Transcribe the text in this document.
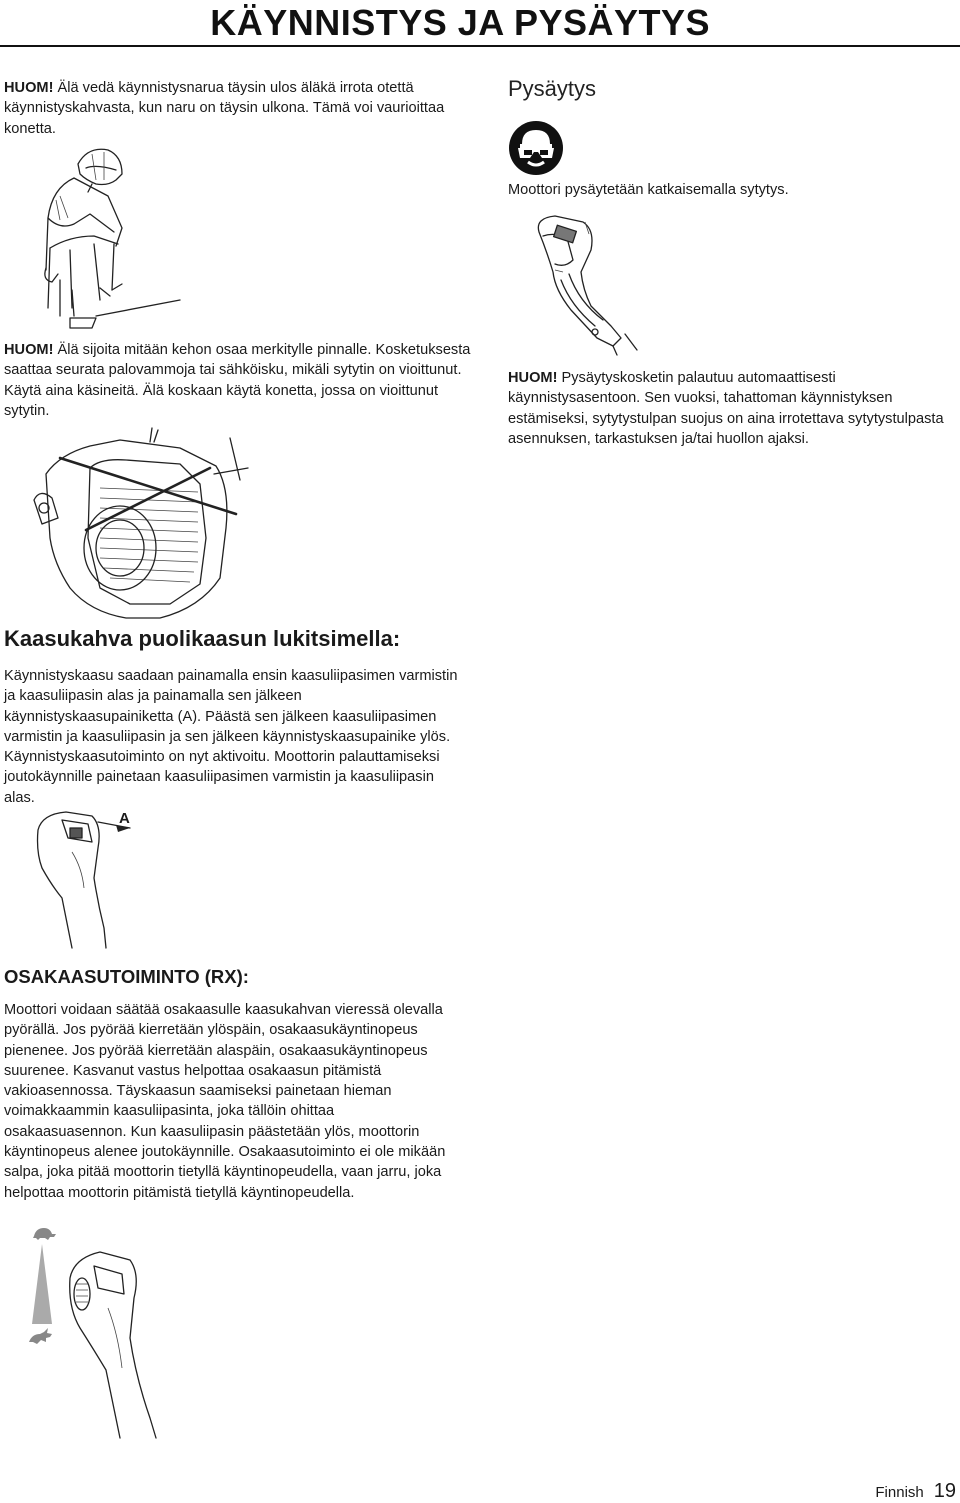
KÄYNNISTYS JA PYSÄYTYS

HUOM! Älä vedä käynnistysnarua täysin ulos äläkä irrota otettä käynnistyskahvasta, kun naru on täysin ulkona. Tämä voi vaurioittaa konetta.

HUOM! Älä sijoita mitään kehon osaa merkitylle pinnalle. Kosketuksesta saattaa seurata palovammoja tai sähköisku, mikäli sytytin on vioittunut. Käytä aina käsineitä. Älä koskaan käytä konetta, jossa on vioittunut sytytin.

Pysäytys

Moottori pysäytetään katkaisemalla sytytys.

HUOM! Pysäytyskosketin palautuu automaattisesti käynnistysasentoon. Sen vuoksi, tahattoman käynnistyksen estämiseksi, sytytystulpan suojus on aina irrotettava sytytystulpasta asennuksen, tarkastuksen ja/tai huollon ajaksi.

Kaasukahva puolikaasun lukitsimella:

Käynnistyskaasu saadaan painamalla ensin kaasuliipasimen varmistin ja kaasuliipasin alas ja painamalla sen jälkeen käynnistyskaasupainiketta (A). Päästä sen jälkeen kaasuliipasimen varmistin ja kaasuliipasin ja sen jälkeen käynnistyskaasupainike ylös. Käynnistyskaasutoiminto on nyt aktivoitu. Moottorin palauttamiseksi joutokäynnille painetaan kaasuliipasimen varmistin ja kaasuliipasin alas.

A
OSAKAASUTOIMINTO (RX):

Moottori voidaan säätää osakaasulle kaasukahvan vieressä olevalla pyörällä. Jos pyörää kierretään ylöspäin, osakaasukäyntinopeus pienenee. Jos pyörää kierretään alaspäin, osakaasukäyntinopeus suurenee. Kasvanut vastus helpottaa osakaasun pitämistä vakioasennossa. Täyskaasun saamiseksi painetaan hieman voimakkaammin kaasuliipasinta, joka tällöin ohittaa osakaasuasennon. Kun kaasuliipasin päästetään ylös, moottorin käyntinopeus alenee joutokäynnille. Osakaasutoiminto ei ole mikään salpa, joka pitää moottorin tietyllä käyntinopeudella, vaan jarru, joka helpottaa moottorin pitämistä tietyllä käyntinopeudella.

Finnish 19
